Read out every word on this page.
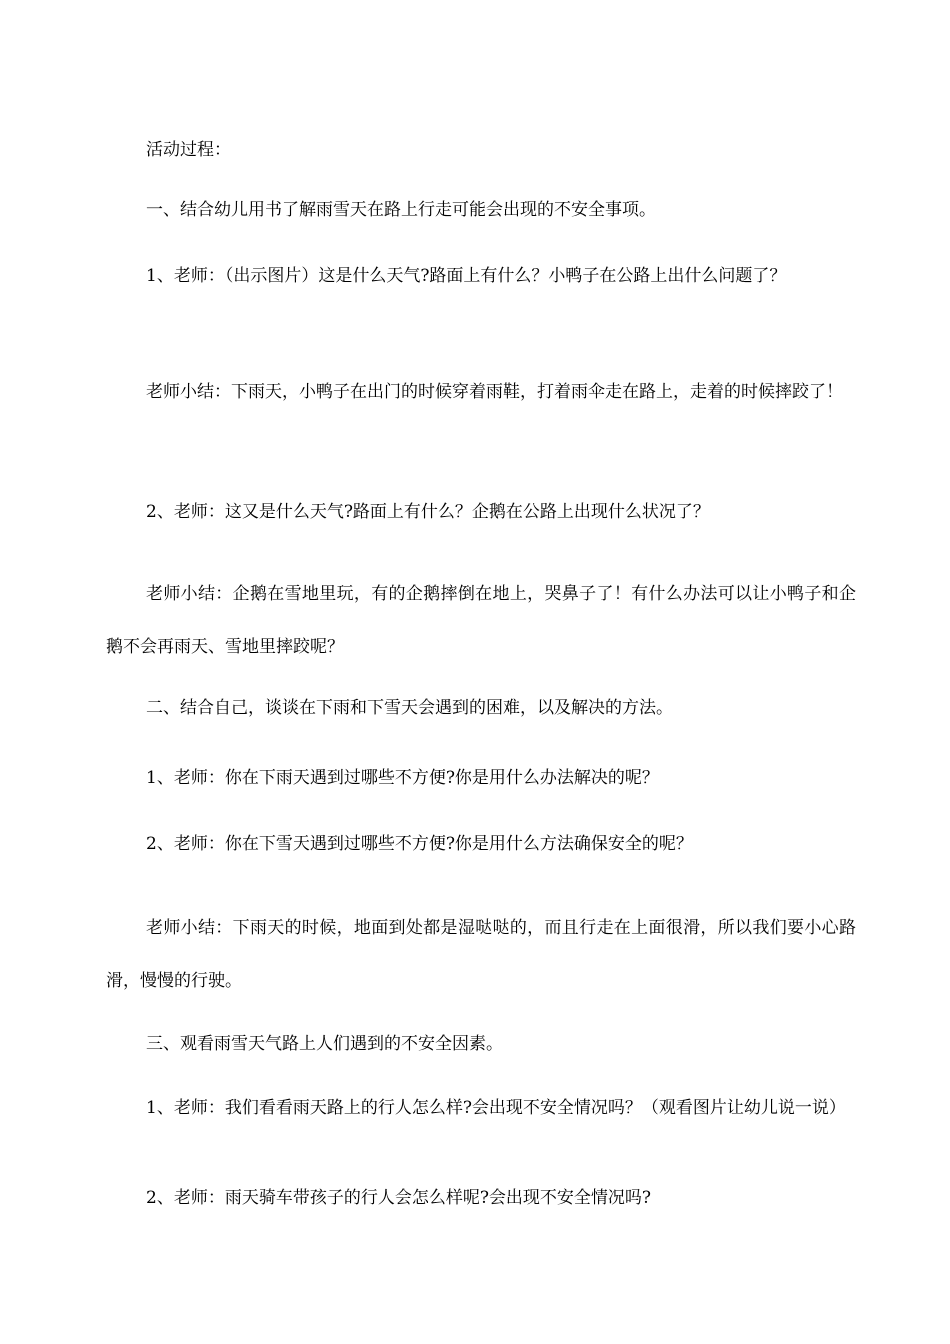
活动过程：

一、结合幼儿用书了解雨雪天在路上行走可能会出现的不安全事项。

1、老师：（出示图片）这是什么天气?路面上有什么？小鸭子在公路上出什么问题了？

老师小结：下雨天，小鸭子在出门的时候穿着雨鞋，打着雨伞走在路上，走着的时候摔跤了！

2、老师：这又是什么天气?路面上有什么？企鹅在公路上出现什么状况了？

老师小结：企鹅在雪地里玩，有的企鹅摔倒在地上，哭鼻子了！有什么办法可以让小鸭子和企鹅不会再雨天、雪地里摔跤呢？

二、结合自己，谈谈在下雨和下雪天会遇到的困难，以及解决的方法。

1、老师：你在下雨天遇到过哪些不方便?你是用什么办法解决的呢？

2、老师：你在下雪天遇到过哪些不方便?你是用什么方法确保安全的呢？

老师小结：下雨天的时候，地面到处都是湿哒哒的，而且行走在上面很滑，所以我们要小心路滑，慢慢的行驶。

三、观看雨雪天气路上人们遇到的不安全因素。

1、老师：我们看看雨天路上的行人怎么样?会出现不安全情况吗？（观看图片让幼儿说一说）

2、老师：雨天骑车带孩子的行人会怎么样呢?会出现不安全情况吗?
